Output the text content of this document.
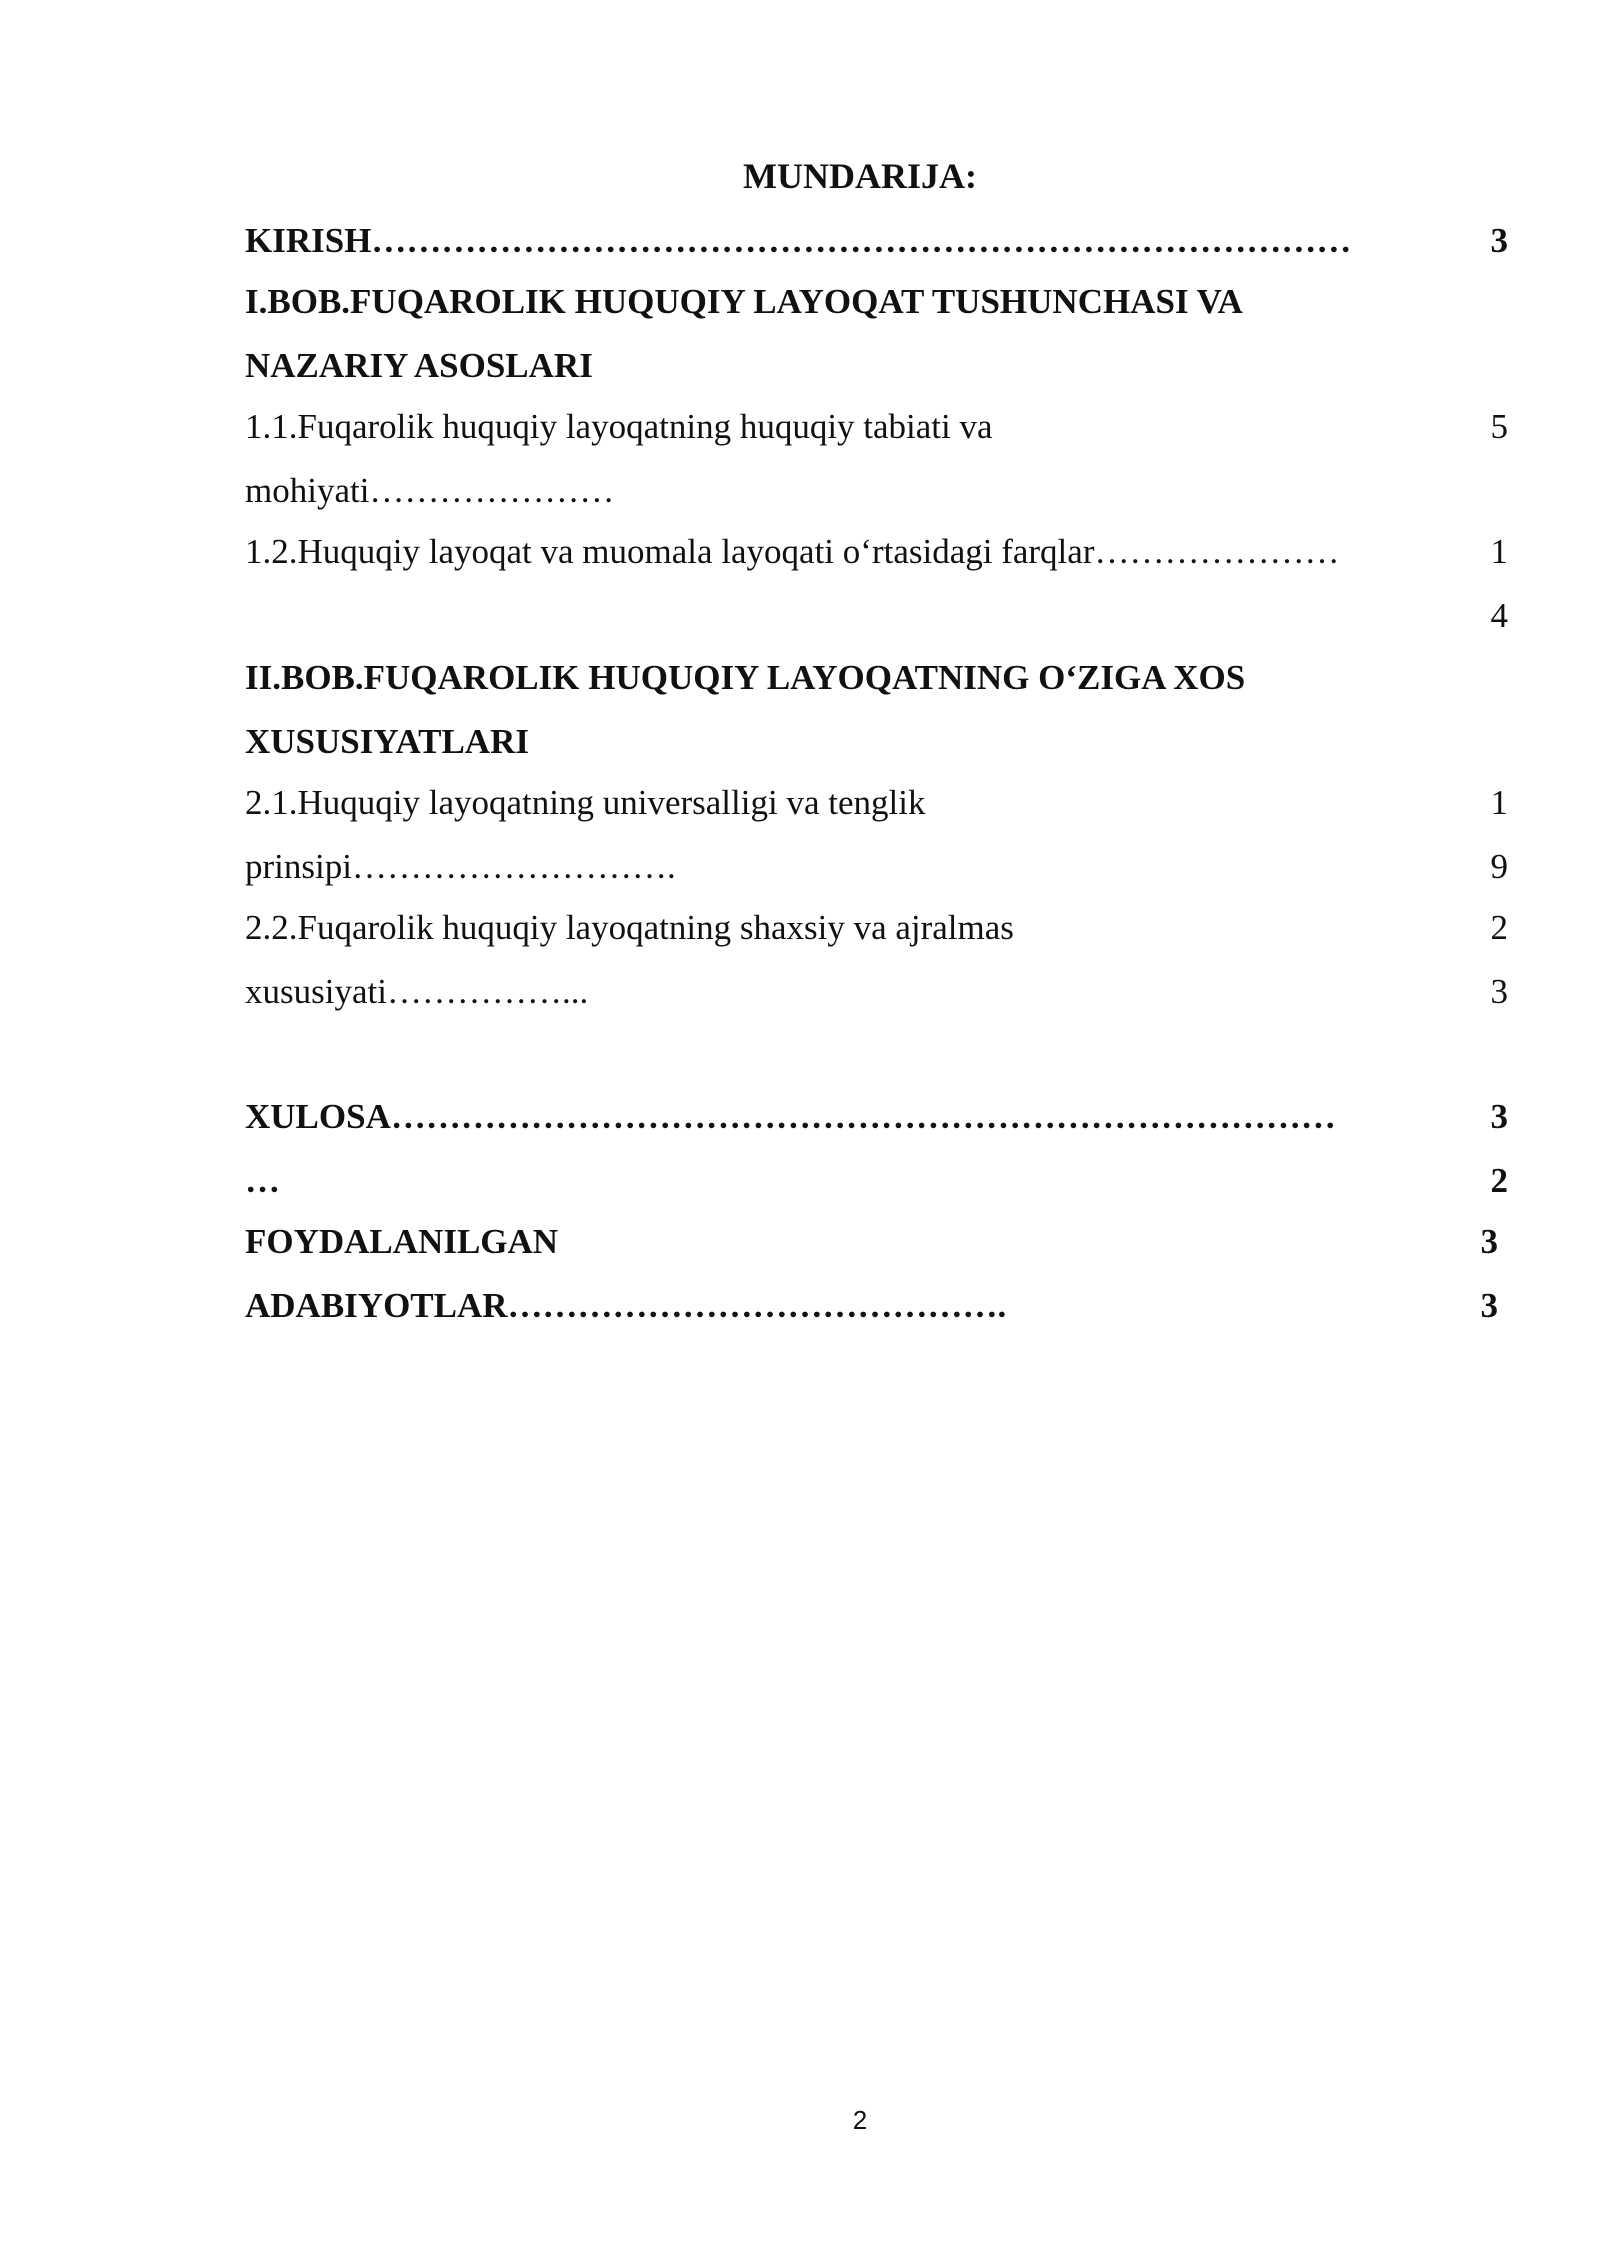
MUNDARIJA:
KIRISH…………………………………………………………………………	3
I.BOB.FUQAROLIK HUQUQIY LAYOQAT TUSHUNCHASI VA
NAZARIY ASOSLARI
1.1.Fuqarolik huquqiy layoqatning huquqiy tabiati va	5
mohiyati…………………
1.2.Huquqiy layoqat va muomala layoqati o‘rtasidagi farqlar…………………	1
4
II.BOB.FUQAROLIK HUQUQIY LAYOQATNING O‘ZIGA XOS
XUSUSIYATLARI
2.1.Huquqiy layoqatning universalligi va tenglik	1
prinsipi……………………….	9
2.2.Fuqarolik huquqiy layoqatning shaxsiy va ajralmas	2
xususiyati……………...	3
XULOSA………………………………………………………………………	3
…	2
FOYDALANILGAN	3
ADABIYOTLAR…………………………………….	3
2
